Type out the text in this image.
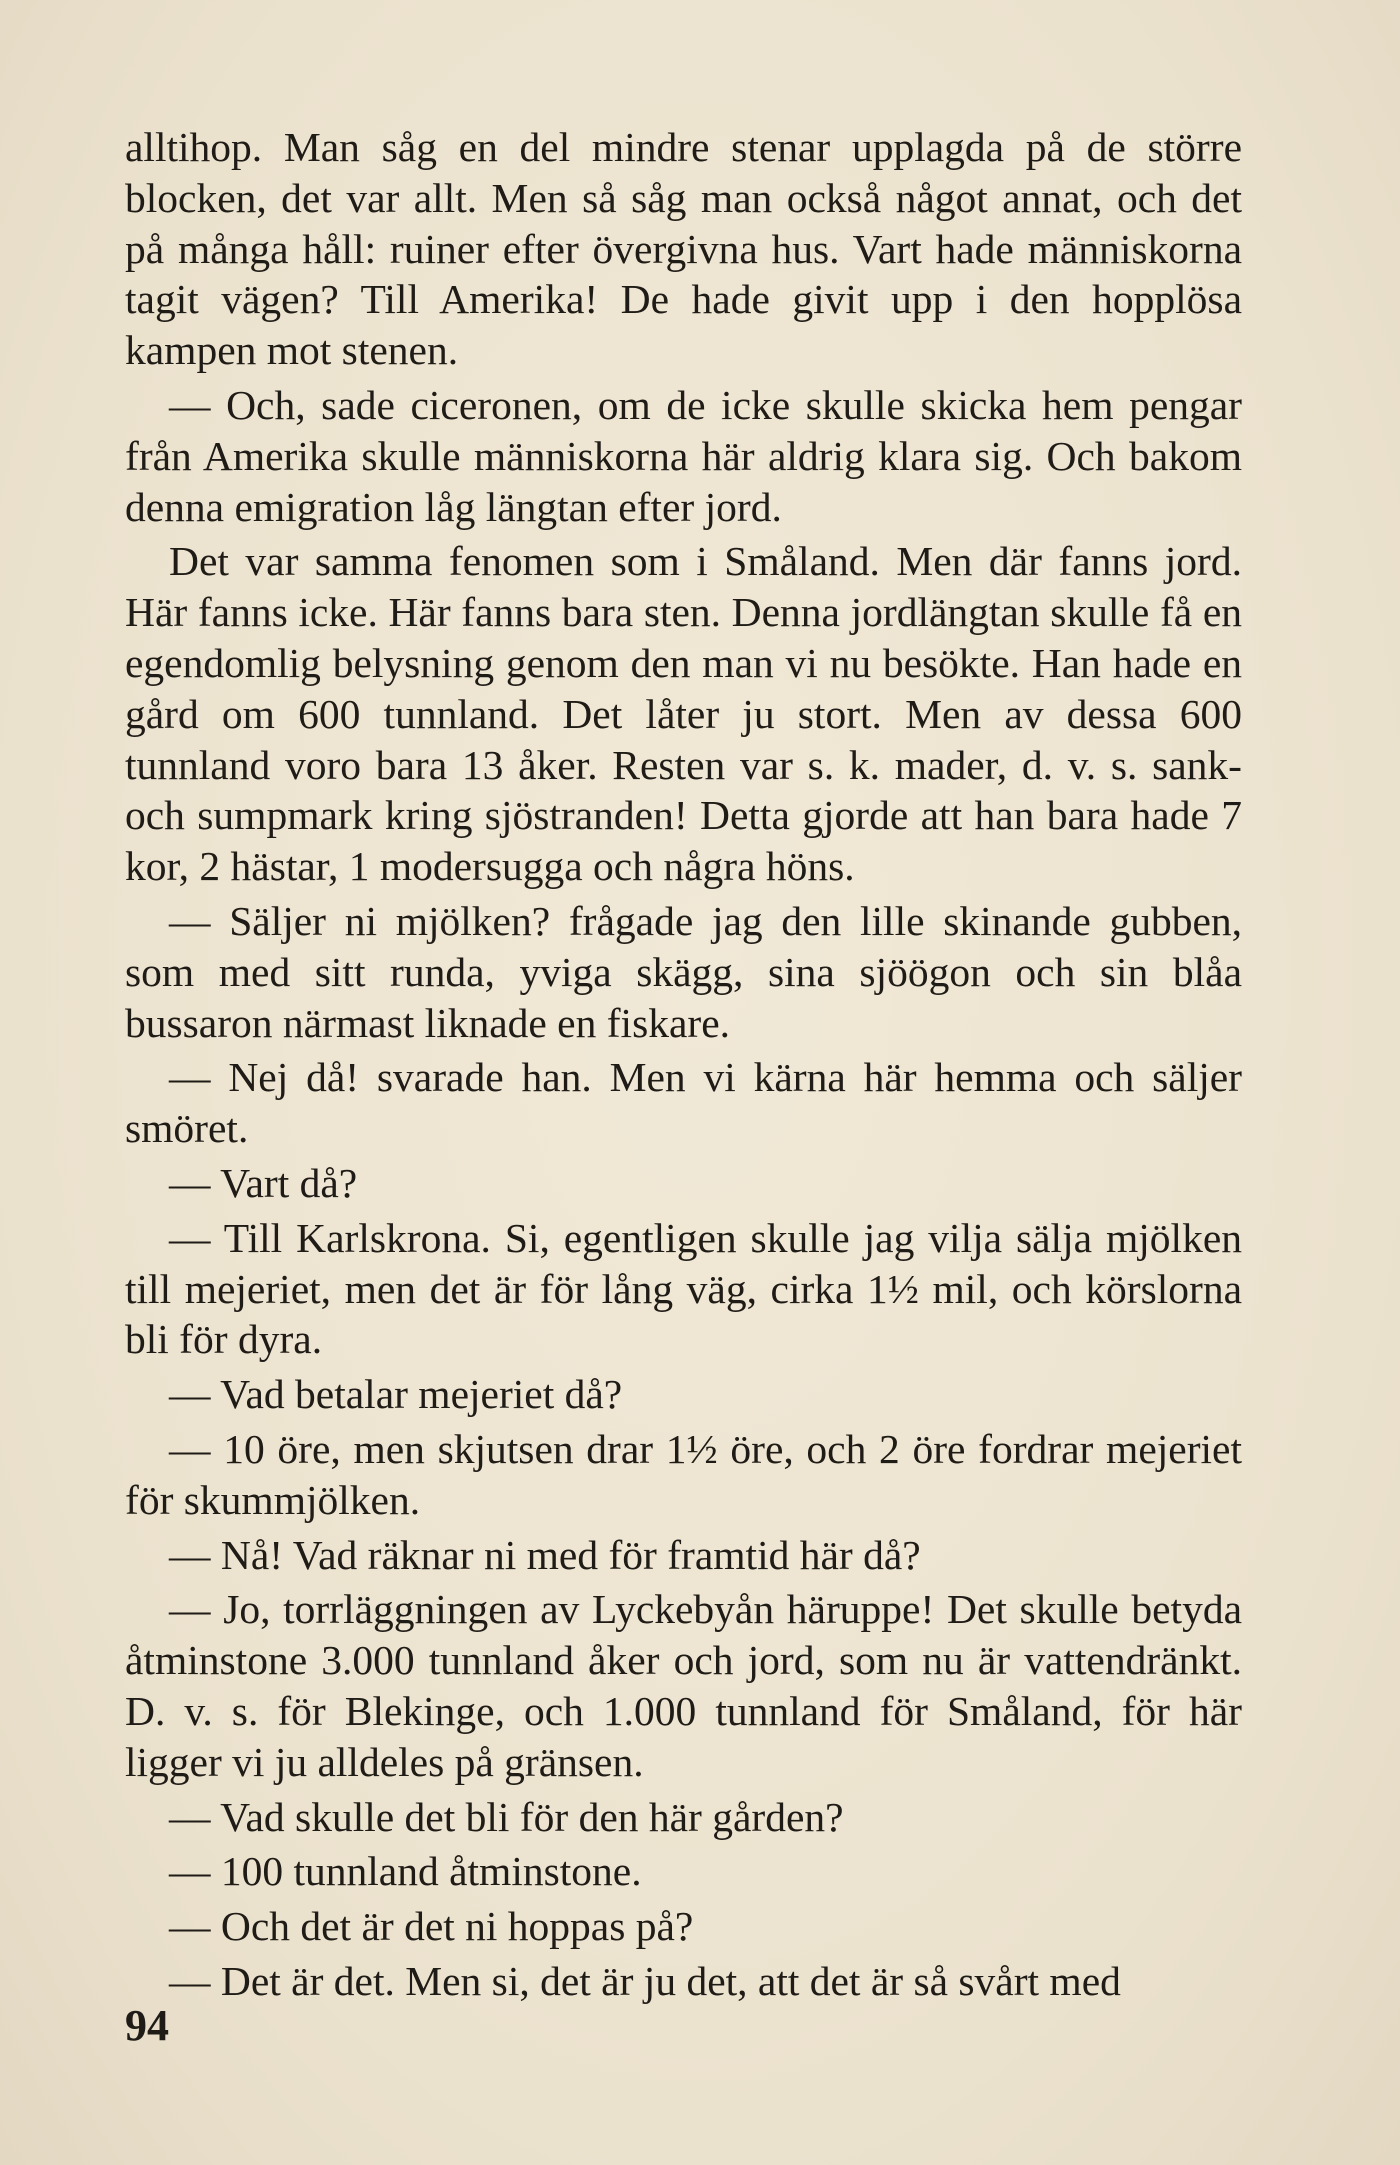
alltihop. Man såg en del mindre stenar upplagda på de större blocken, det var allt. Men så såg man också något annat, och det på många håll: ruiner efter övergivna hus. Vart hade människorna tagit vägen? Till Amerika! De hade givit upp i den hopplösa kampen mot stenen.

— Och, sade ciceronen, om de icke skulle skicka hem pengar från Amerika skulle människorna här aldrig klara sig. Och bakom denna emigration låg längtan efter jord.

Det var samma fenomen som i Småland. Men där fanns jord. Här fanns icke. Här fanns bara sten. Denna jordlängtan skulle få en egendomlig belysning genom den man vi nu besökte. Han hade en gård om 600 tunnland. Det låter ju stort. Men av dessa 600 tunnland voro bara 13 åker. Resten var s. k. mader, d. v. s. sank- och sumpmark kring sjöstranden! Detta gjorde att han bara hade 7 kor, 2 hästar, 1 modersugga och några höns.

— Säljer ni mjölken? frågade jag den lille skinande gubben, som med sitt runda, yviga skägg, sina sjöögon och sin blåa bussaron närmast liknade en fiskare.

— Nej då! svarade han. Men vi kärna här hemma och säljer smöret.

— Vart då?

— Till Karlskrona. Si, egentligen skulle jag vilja sälja mjölken till mejeriet, men det är för lång väg, cirka 1½ mil, och körslorna bli för dyra.

— Vad betalar mejeriet då?

— 10 öre, men skjutsen drar 1½ öre, och 2 öre fordrar mejeriet för skummjölken.

— Nå! Vad räknar ni med för framtid här då?

— Jo, torrläggningen av Lyckebyån häruppe! Det skulle betyda åtminstone 3.000 tunnland åker och jord, som nu är vattendränkt. D. v. s. för Blekinge, och 1.000 tunnland för Småland, för här ligger vi ju alldeles på gränsen.

— Vad skulle det bli för den här gården?

— 100 tunnland åtminstone.

— Och det är det ni hoppas på?

— Det är det. Men si, det är ju det, att det är så svårt med

94
